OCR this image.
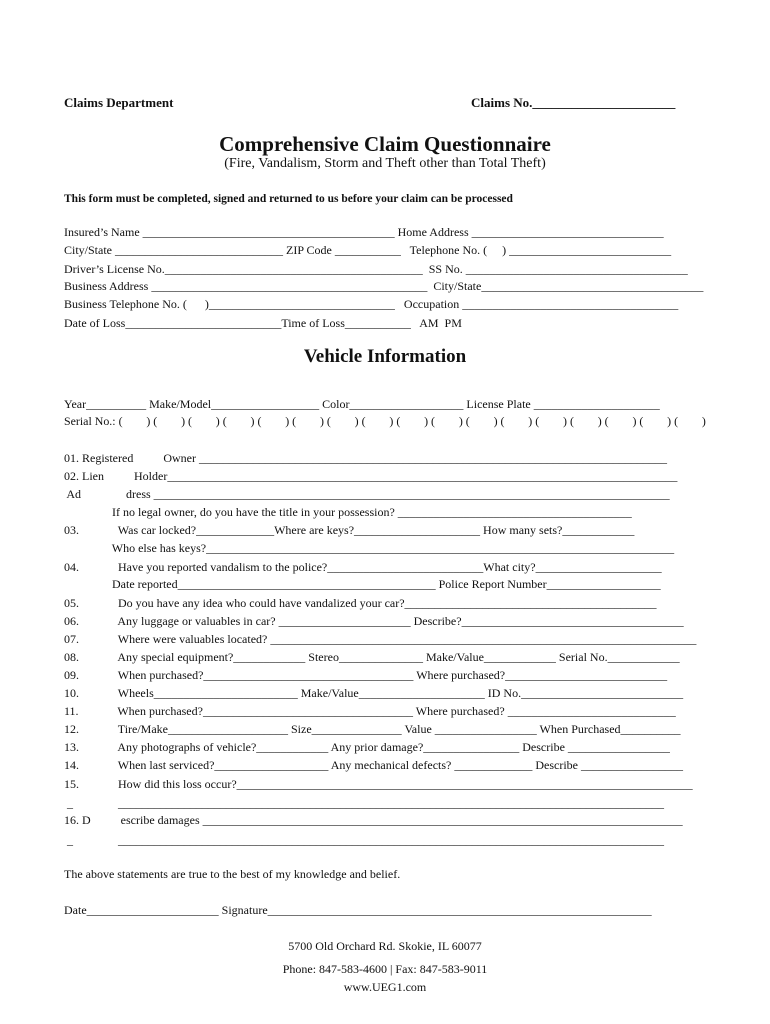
Claims Department	Claims No.______________________
Comprehensive Claim Questionnaire
(Fire, Vandalism, Storm and Theft other than Total Theft)
This form must be completed, signed and returned to us before your claim can be processed
Insured’s Name __________________________________________ Home Address ________________________________
City/State ____________________________ ZIP Code ___________   Telephone No. (     ) ___________________________
Driver’s License No.___________________________________________  SS No. _____________________________________
Business Address ______________________________________________  City/State_____________________________________
Business Telephone No. (      )_______________________________   Occupation ____________________________________
Date of Loss__________________________Time of Loss___________   AM  PM
Vehicle Information
Year__________ Make/Model__________________ Color___________________ License Plate _____________________
Serial No.: (        ) (        ) (        ) (        ) (        ) (        ) (        ) (        ) (        ) (        ) (        ) (        ) (        ) (        ) (        ) (        ) (        )
01. Registered          Owner ______________________________________________________________________________
02. Lien          Holder_____________________________________________________________________________________
Ad               dress ______________________________________________________________________________________
If no legal owner, do you have the title in your possession? _______________________________________
03.             Was car locked?_____________Where are keys?_____________________ How many sets?____________
Who else has keys?______________________________________________________________________________
04.             Have you reported vandalism to the police?__________________________What city?_____________________
Date reported___________________________________________ Police Report Number___________________
05.             Do you have any idea who could have vandalized your car?__________________________________________
06.             Any luggage or valuables in car? ______________________ Describe?_____________________________________
07.             Where were valuables located? _______________________________________________________________________
08.             Any special equipment?____________ Stereo______________ Make/Value____________ Serial No.____________
09.             When purchased?___________________________________ Where purchased?___________________________
10.             Wheels________________________ Make/Value_____________________ ID No.___________________________
11.             When purchased?___________________________________ Where purchased? ____________________________
12.             Tire/Make____________________ Size_______________ Value _________________ When Purchased__________
13.             Any photographs of vehicle?____________ Any prior damage?________________ Describe _________________
14.             When last serviced?___________________ Any mechanical defects? _____________ Describe _________________
15.             How did this loss occur?____________________________________________________________________________
_               ___________________________________________________________________________________________
16. D          escribe damages ________________________________________________________________________________
_               ___________________________________________________________________________________________
The above statements are true to the best of my knowledge and belief.
Date______________________ Signature________________________________________________________________
5700 Old Orchard Rd. Skokie, IL 60077
Phone: 847-583-4600 | Fax: 847-583-9011
www.UEG1.com
